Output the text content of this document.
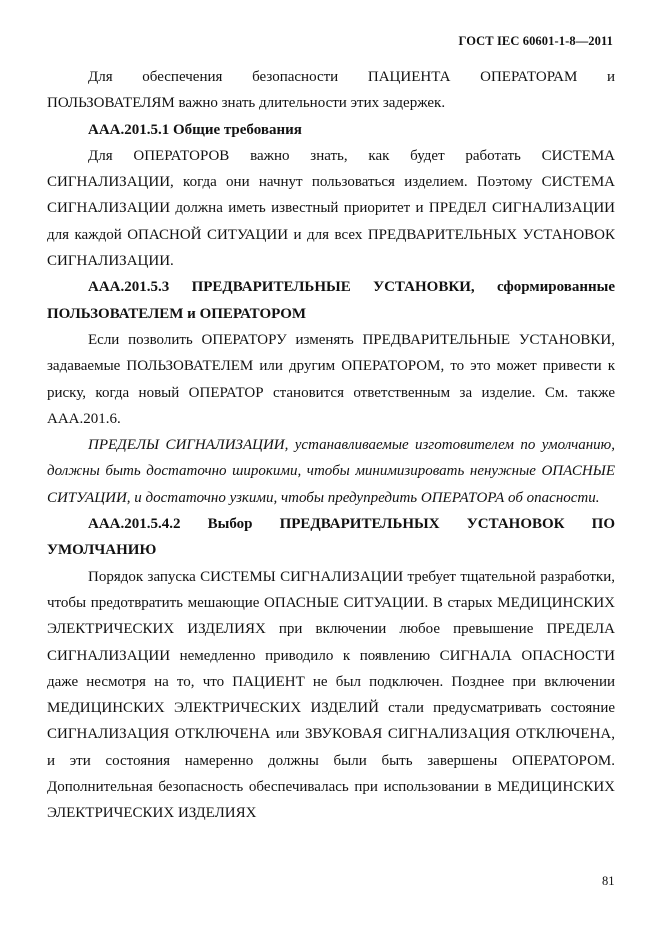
ГОСТ IEC 60601-1-8—2011

Для обеспечения безопасности ПАЦИЕНТА ОПЕРАТОРАМ и ПОЛЬЗОВАТЕЛЯМ важно знать длительности этих задержек.

ААА.201.5.1 Общие требования

Для ОПЕРАТОРОВ важно знать, как будет работать СИСТЕМА СИГНАЛИЗАЦИИ, когда они начнут пользоваться изделием. Поэтому СИСТЕМА СИГНАЛИЗАЦИИ должна иметь известный приоритет и ПРЕДЕЛ СИГНАЛИЗАЦИИ для каждой ОПАСНОЙ СИТУАЦИИ и для всех ПРЕДВАРИТЕЛЬНЫХ УСТАНОВОК СИГНАЛИЗАЦИИ.

ААА.201.5.3 ПРЕДВАРИТЕЛЬНЫЕ УСТАНОВКИ, сформированные ПОЛЬЗОВАТЕЛЕМ и ОПЕРАТОРОМ

Если позволить ОПЕРАТОРУ изменять ПРЕДВАРИТЕЛЬНЫЕ УСТАНОВКИ, задаваемые ПОЛЬЗОВАТЕЛЕМ или другим ОПЕРАТОРОМ, то это может привести к риску, когда новый ОПЕРАТОР становится ответственным за изделие. См. также ААА.201.6.

ПРЕДЕЛЫ СИГНАЛИЗАЦИИ, устанавливаемые изготовителем по умолчанию, должны быть достаточно широкими, чтобы минимизировать ненужные ОПАСНЫЕ СИТУАЦИИ, и достаточно узкими, чтобы предупредить ОПЕРАТОРА об опасности.

ААА.201.5.4.2 Выбор ПРЕДВАРИТЕЛЬНЫХ УСТАНОВОК ПО УМОЛЧАНИЮ

Порядок запуска СИСТЕМЫ СИГНАЛИЗАЦИИ требует тщательной разработки, чтобы предотвратить мешающие ОПАСНЫЕ СИТУАЦИИ. В старых МЕДИЦИНСКИХ ЭЛЕКТРИЧЕСКИХ ИЗДЕЛИЯХ при включении любое превышение ПРЕДЕЛА СИГНАЛИЗАЦИИ немедленно приводило к появлению СИГНАЛА ОПАСНОСТИ даже несмотря на то, что ПАЦИЕНТ не был подключен. Позднее при включении МЕДИЦИНСКИХ ЭЛЕКТРИЧЕСКИХ ИЗДЕЛИЙ стали предусматривать состояние СИГНАЛИЗАЦИЯ ОТКЛЮЧЕНА или ЗВУКОВАЯ СИГНАЛИЗАЦИЯ ОТКЛЮЧЕНА, и эти состояния намеренно должны были быть завершены ОПЕРАТОРОМ. Дополнительная безопасность обеспечивалась при использовании в МЕДИЦИНСКИХ ЭЛЕКТРИЧЕСКИХ ИЗДЕЛИЯХ

81
